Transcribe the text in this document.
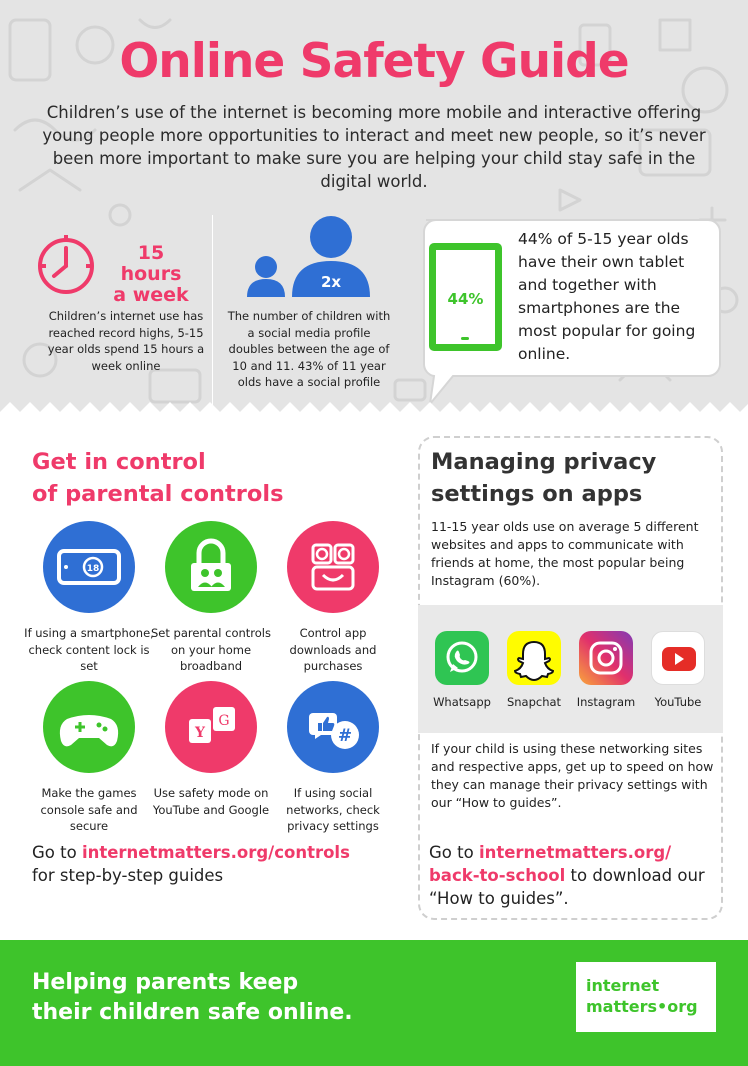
Online Safety Guide
Children’s use of the internet is becoming more mobile and interactive offering young people more opportunities to interact and meet new people, so it’s never been more important to make sure you are helping your child stay safe in the digital world.
15 hours
a week
Children’s internet use has reached record highs, 5-15 year olds spend 15 hours a week online
2x
The number of children with a social media profile doubles between the age of 10 and 11. 43% of 11 year olds have a social profile
44%
44% of 5-15 year olds have their own tablet and together with smartphones are the most popular for going online.
Get in control
of parental controls
18
If using a smartphone, check content lock is set
Set parental controls on your home broadband
Control app downloads and purchases
Make the games console safe and secure
Y
G
Use safety mode on YouTube and Google
#
If using social networks, check privacy settings
Go to internetmatters.org/controls
for step-by-step guides
Managing privacy
settings on apps
11-15 year olds use on average 5 different websites and apps to communicate with friends at home, the most popular being Instagram (60%).
Whatsapp	Snapchat	Instagram	YouTube
If your child is using these networking sites and respective apps, get up to speed on how they can manage their privacy settings with our “How to guides”.
Go to internetmatters.org/
back-to-school to download our “How to guides”.
Helping parents keep
their children safe online.
internet
matters•org
